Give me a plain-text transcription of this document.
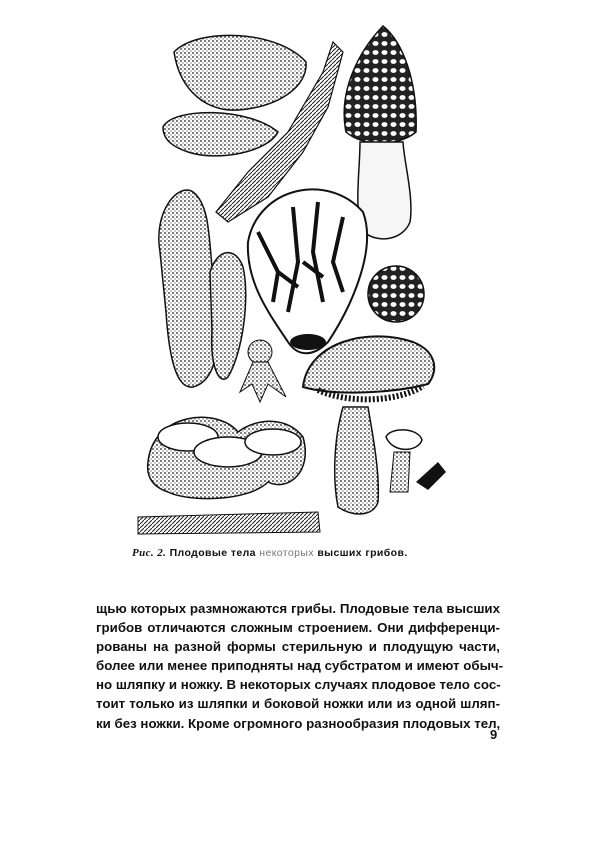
Рис. 2. Плодовые тела некоторых высших грибов.
щью которых размножаются грибы. Плодовые тела высших
грибов отличаются сложным строением. Они дифференци-
рованы на разной формы стерильную и плодущую части,
более или менее приподняты над субстратом и имеют обыч-
но шляпку и ножку. В некоторых случаях плодовое тело сос-
тоит только из шляпки и боковой ножки или из одной шляп-
ки без ножки. Кроме огромного разнообразия плодовых тел,
9
